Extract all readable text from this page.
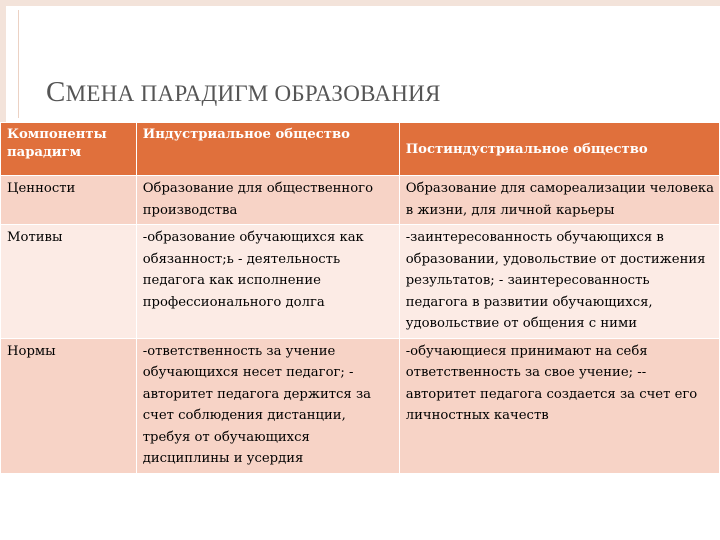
СМЕНА ПАРАДИГМ ОБРАЗОВАНИЯ
Компоненты парадигм	Индустриальное общество	Постиндустриальное общество
Ценности	Образование для общественного производства	Образование для самореализации человека в жизни, для личной карьеры
Мотивы	-образование обучающихся как обязанност;ь - деятельность педагога как исполнение профессионального долга	-заинтересованность обучающихся в образовании, удовольствие от достижения результатов; - заинтересованность педагога в развитии обучающихся, удовольствие от общения с ними
Нормы	-ответственность за учение обучающихся несет педагог; - авторитет педагога держится за счет соблюдения дистанции, требуя от обучающихся дисциплины и усердия	-обучающиеся принимают на себя ответственность за свое учение; -- авторитет педагога создается за счет его личностных качеств
